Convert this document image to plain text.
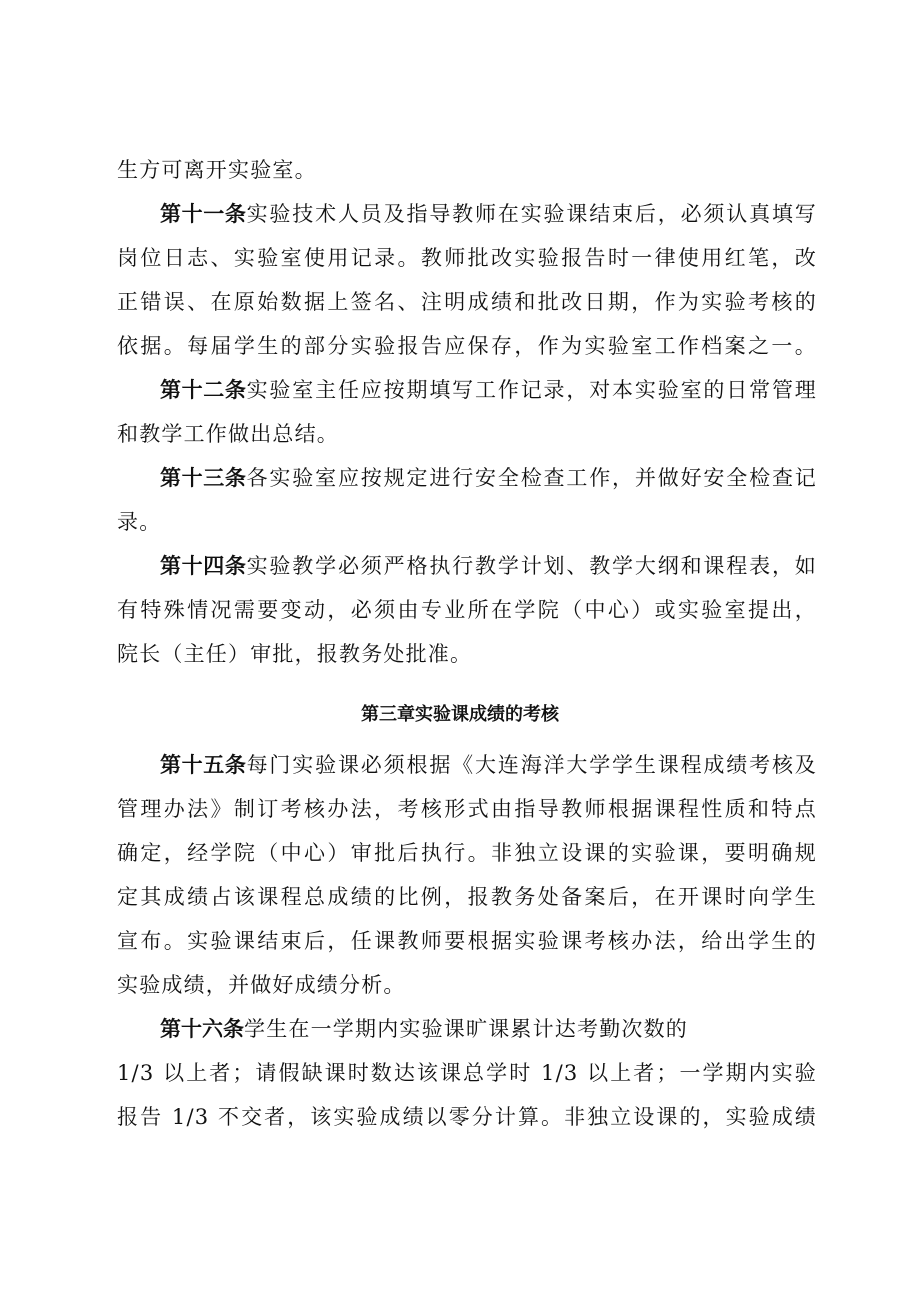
生方可离开实验室。
第十一条实验技术人员及指导教师在实验课结束后，必须认真填写
岗位日志、实验室使用记录。教师批改实验报告时一律使用红笔，改
正错误、在原始数据上签名、注明成绩和批改日期，作为实验考核的
依据。每届学生的部分实验报告应保存，作为实验室工作档案之一。
第十二条实验室主任应按期填写工作记录，对本实验室的日常管理
和教学工作做出总结。
第十三条各实验室应按规定进行安全检查工作，并做好安全检查记
录。
第十四条实验教学必须严格执行教学计划、教学大纲和课程表，如
有特殊情况需要变动，必须由专业所在学院（中心）或实验室提出，
院长（主任）审批，报教务处批准。
第三章实验课成绩的考核
第十五条每门实验课必须根据《大连海洋大学学生课程成绩考核及
管理办法》制订考核办法，考核形式由指导教师根据课程性质和特点
确定，经学院（中心）审批后执行。非独立设课的实验课，要明确规
定其成绩占该课程总成绩的比例，报教务处备案后，在开课时向学生
宣布。实验课结束后，任课教师要根据实验课考核办法，给出学生的
实验成绩，并做好成绩分析。
第十六条学生在一学期内实验课旷课累计达考勤次数的
1/3 以上者；请假缺课时数达该课总学时 1/3 以上者；一学期内实验
报告 1/3 不交者，该实验成绩以零分计算。非独立设课的，实验成绩
